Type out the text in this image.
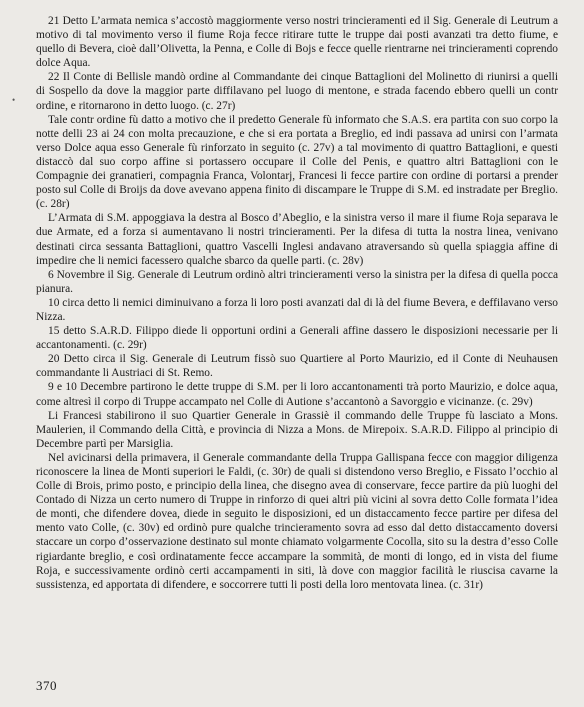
•

21 Detto L’armata nemica s’accostò maggiormente verso nostri trincieramenti ed il Sig. Generale di Leutrum a motivo di tal movimento verso il fiume Roja fecce ritirare tutte le truppe dai posti avanzati tra detto fiume, e quello di Bevera, cioè dall’Olivetta, la Penna, e Colle di Bojs e fecce quelle rientrarne nei trincieramenti coprendo dolce Aqua.

22 Il Conte di Bellisle mandò ordine al Commandante dei cinque Battaglioni del Molinetto di riunirsi a quelli di Sospello da dove la maggior parte diffilavano pel luogo di mentone, e strada facendo ebbero quelli un contr ordine, e ritornarono in detto luogo. (c. 27r)

Tale contr ordine fù datto a motivo che il predetto Generale fù informato che S.A.S. era partita con suo corpo la notte delli 23 ai 24 con molta precauzione, e che si era portata a Breglio, ed indi passava ad unirsi con l’armata verso Dolce aqua esso Generale fù rinforzato in seguito (c. 27v) a tal movimento di quattro Battaglioni, e questi distaccò dal suo corpo affine si portassero occupare il Colle del Penis, e quattro altri Battaglioni con le Compagnie dei granatieri, compagnia Franca, Volontarj, Francesi li fecce partire con ordine di portarsi a prender posto sul Colle di Broijs da dove avevano appena finito di discampare le Truppe di S.M. ed instradate per Breglio. (c. 28r)

L’Armata di S.M. appoggiava la destra al Bosco d’Abeglio, e la sinistra verso il mare il fiume Roja separava le due Armate, ed a forza si aumentavano li nostri trincieramenti. Per la difesa di tutta la nostra linea, venivano destinati circa sessanta Battaglioni, quattro Vascelli Inglesi andavano atraversando sù quella spiaggia affine di impedire che li nemici facessero qualche sbarco da quelle parti. (c. 28v)

6 Novembre il Sig. Generale di Leutrum ordinò altri trincieramenti verso la sinistra per la difesa di quella pocca pianura.

10 circa detto li nemici diminuivano a forza li loro posti avanzati dal di là del fiume Bevera, e deffilavano verso Nizza.

15 detto S.A.R.D. Filippo diede li opportuni ordini a Generali affine dassero le disposizioni necessarie per li accantonamenti. (c. 29r)

20 Detto circa il Sig. Generale di Leutrum fissò suo Quartiere al Porto Maurizio, ed il Conte di Neuhausen commandante li Austriaci di St. Remo.

9 e 10 Decembre partirono le dette truppe di S.M. per li loro accantonamenti trà porto Maurizio, e dolce aqua, come altresì il corpo di Truppe accampato nel Colle di Autione s’accantonò a Savorggio e vicinanze. (c. 29v)

Li Francesi stabilirono il suo Quartier Generale in Grassiè il commando delle Truppe fù lasciato a Mons. Maulerien, il Commando della Città, e provincia di Nizza a Mons. de Mirepoix. S.A.R.D. Filippo al principio di Decembre partì per Marsiglia.

Nel avicinarsi della primavera, il Generale commandante della Truppa Gallispana fecce con maggior diligenza riconoscere la linea de Monti superiori le Faldi, (c. 30r) de quali si distendono verso Breglio, e Fissato l’occhio al Colle di Brois, primo posto, e principio della linea, che disegno avea di conservare, fecce partire da più luoghi del Contado di Nizza un certo numero di Truppe in rinforzo di quei altri più vicini al sovra detto Colle formata l’idea de monti, che difendere dovea, diede in seguito le disposizioni, ed un distaccamento fecce partire per difesa del mento vato Colle, (c. 30v) ed ordinò pure qualche trincieramento sovra ad esso dal detto distaccamento doversi staccare un corpo d’osservazione destinato sul monte chiamato volgarmente Cocolla, sito su la destra d’esso Colle rigiardante breglio, e così ordinatamente fecce accampare la sommità, de monti di longo, ed in vista del fiume Roja, e successivamente ordinò certi accampamenti in siti, là dove con maggior facilità le riuscisa cavarne la sussistenza, ed apportata di difendere, e soccorrere tutti li posti della loro mentovata linea. (c. 31r)

370
